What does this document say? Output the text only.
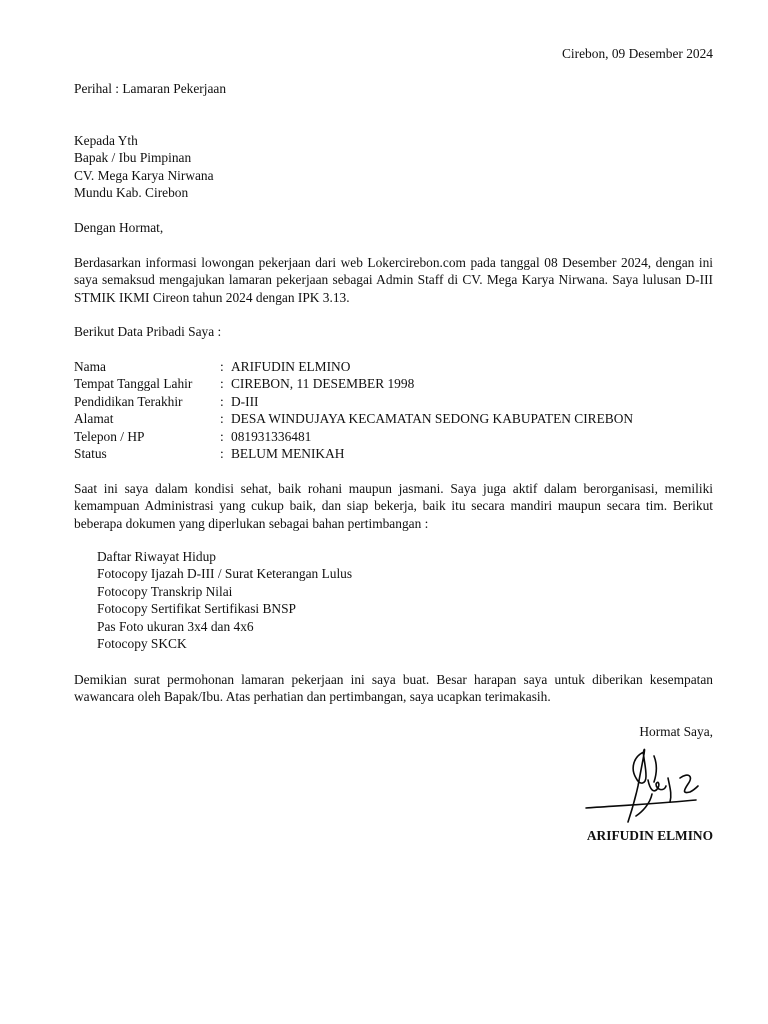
Cirebon, 09 Desember 2024
Perihal : Lamaran Pekerjaan
Kepada Yth
Bapak / Ibu Pimpinan
CV. Mega Karya Nirwana
Mundu Kab. Cirebon
Dengan Hormat,
Berdasarkan informasi lowongan pekerjaan dari web Lokercirebon.com pada tanggal 08 Desember 2024, dengan ini saya semaksud mengajukan lamaran pekerjaan sebagai Admin Staff di CV. Mega Karya Nirwana. Saya lulusan D-III STMIK IKMI Cireon tahun 2024 dengan IPK 3.13.
Berikut Data Pribadi Saya :
Nama	: ARIFUDIN ELMINO
Tempat Tanggal Lahir	: CIREBON, 11 DESEMBER 1998
Pendidikan Terakhir	: D-III
Alamat	: DESA WINDUJAYA KECAMATAN SEDONG KABUPATEN CIREBON
Telepon / HP	: 081931336481
Status	: BELUM MENIKAH
Saat ini saya dalam kondisi sehat, baik rohani maupun jasmani. Saya juga aktif dalam berorganisasi, memiliki kemampuan Administrasi yang cukup baik, dan siap bekerja, baik itu secara mandiri maupun secara tim. Berikut beberapa dokumen yang diperlukan sebagai bahan pertimbangan :
Daftar Riwayat Hidup
Fotocopy Ijazah D-III / Surat Keterangan Lulus
Fotocopy Transkrip Nilai
Fotocopy Sertifikat Sertifikasi BNSP
Pas Foto ukuran 3x4 dan 4x6
Fotocopy SKCK
Demikian surat permohonan lamaran pekerjaan ini saya buat. Besar harapan saya untuk diberikan kesempatan wawancara oleh Bapak/Ibu. Atas perhatian dan pertimbangan, saya ucapkan terimakasih.
Hormat Saya,
ARIFUDIN ELMINO
